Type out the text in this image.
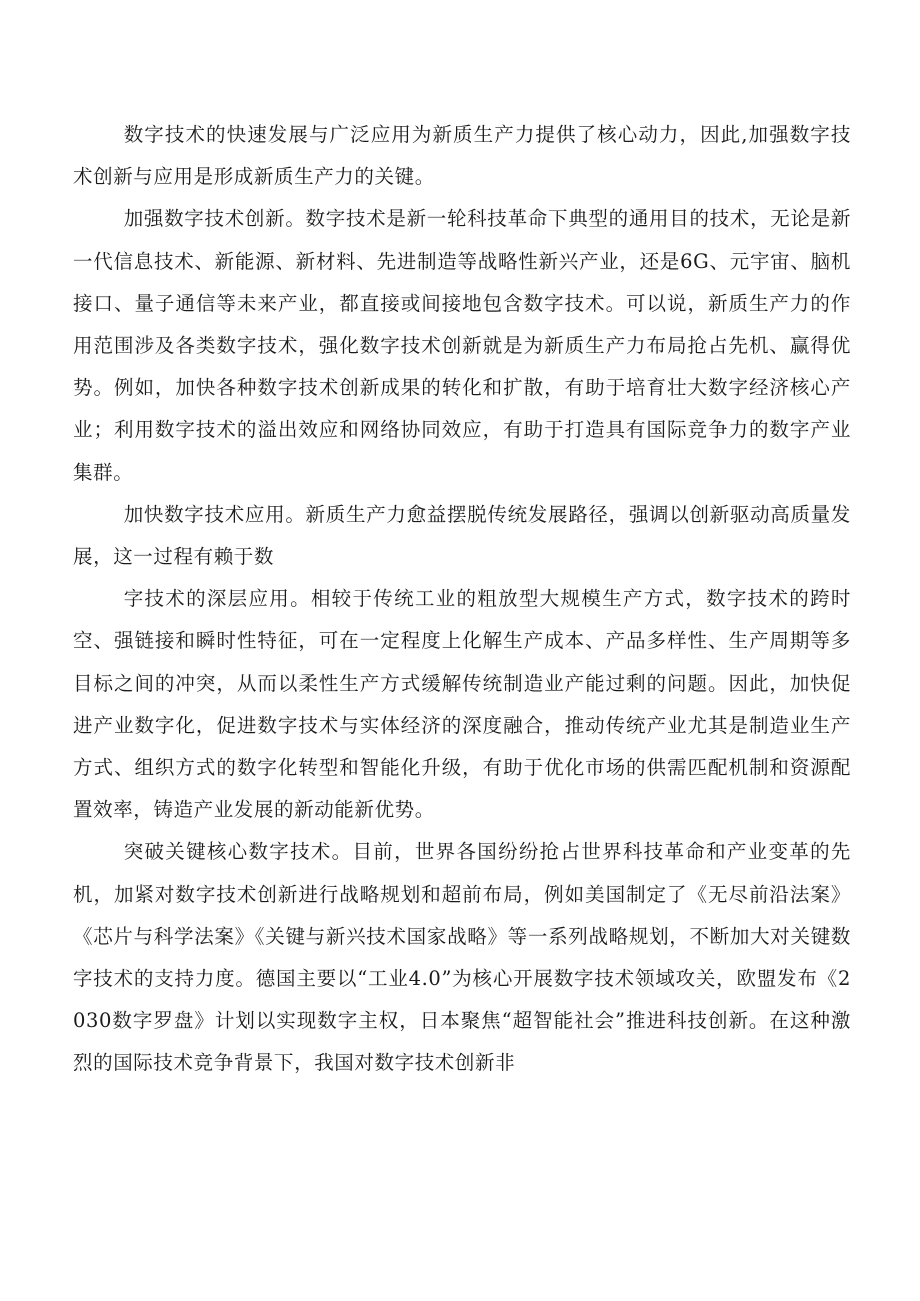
数字技术的快速发展与广泛应用为新质生产力提供了核心动力，因此,加强数字技术创新与应用是形成新质生产力的关键。

加强数字技术创新。数字技术是新一轮科技革命下典型的通用目的技术，无论是新一代信息技术、新能源、新材料、先进制造等战略性新兴产业，还是6G、元宇宙、脑机接口、量子通信等未来产业，都直接或间接地包含数字技术。可以说，新质生产力的作用范围涉及各类数字技术，强化数字技术创新就是为新质生产力布局抢占先机、赢得优势。例如，加快各种数字技术创新成果的转化和扩散，有助于培育壮大数字经济核心产业；利用数字技术的溢出效应和网络协同效应，有助于打造具有国际竞争力的数字产业集群。

加快数字技术应用。新质生产力愈益摆脱传统发展路径，强调以创新驱动高质量发展，这一过程有赖于数

字技术的深层应用。相较于传统工业的粗放型大规模生产方式，数字技术的跨时空、强链接和瞬时性特征，可在一定程度上化解生产成本、产品多样性、生产周期等多目标之间的冲突，从而以柔性生产方式缓解传统制造业产能过剩的问题。因此，加快促进产业数字化，促进数字技术与实体经济的深度融合，推动传统产业尤其是制造业生产方式、组织方式的数字化转型和智能化升级，有助于优化市场的供需匹配机制和资源配置效率，铸造产业发展的新动能新优势。

突破关键核心数字技术。目前，世界各国纷纷抢占世界科技革命和产业变革的先机，加紧对数字技术创新进行战略规划和超前布局，例如美国制定了《无尽前沿法案》《芯片与科学法案》《关键与新兴技术国家战略》等一系列战略规划，不断加大对关键数字技术的支持力度。德国主要以“工业4.0”为核心开展数字技术领域攻关，欧盟发布《2030数字罗盘》计划以实现数字主权，日本聚焦“超智能社会”推进科技创新。在这种激烈的国际技术竞争背景下，我国对数字技术创新非
